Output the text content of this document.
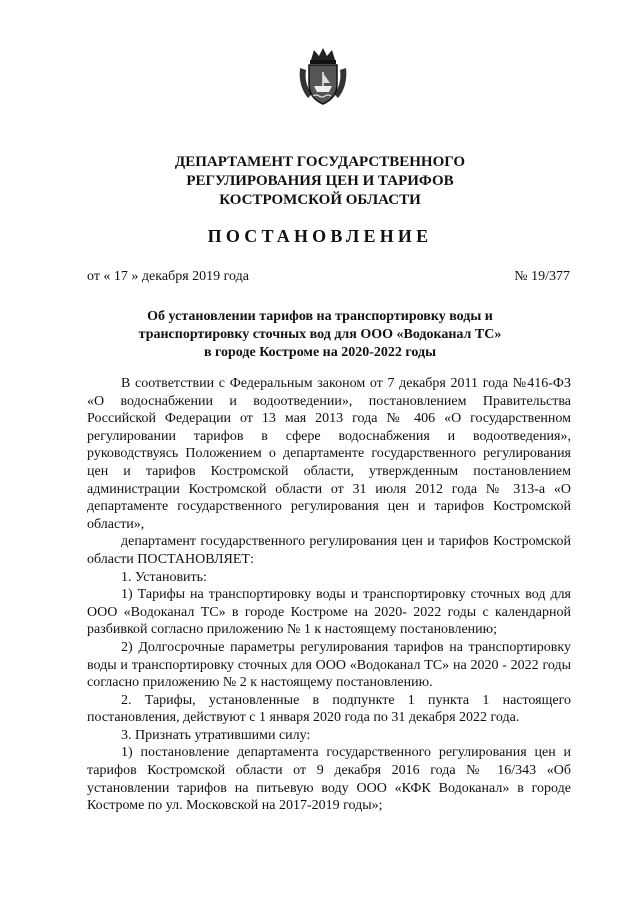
ДЕПАРТАМЕНТ ГОСУДАРСТВЕННОГО
РЕГУЛИРОВАНИЯ ЦЕН И ТАРИФОВ
КОСТРОМСКОЙ ОБЛАСТИ
ПОСТАНОВЛЕНИЕ
от « 17 » декабря 2019 года	№ 19/377
Об установлении тарифов на транспортировку воды и
транспортировку сточных вод для ООО «Водоканал ТС»
в городе Костроме на 2020-2022 годы

В соответствии с Федеральным законом от 7 декабря 2011 года №416-ФЗ «О водоснабжении и водоотведении», постановлением Правительства Российской Федерации от 13 мая 2013 года № 406 «О государственном регулировании тарифов в сфере водоснабжения и водоотведения», руководствуясь Положением о департаменте государственного регулирования цен и тарифов Костромской области, утвержденным постановлением администрации Костромской области от 31 июля 2012 года № 313-а «О департаменте государственного регулирования цен и тарифов Костромской области»,

департамент государственного регулирования цен и тарифов Костромской области ПОСТАНОВЛЯЕТ:

1. Установить:

1) Тарифы на транспортировку воды и транспортировку сточных вод для ООО «Водоканал ТС» в городе Костроме на 2020- 2022 годы с календарной разбивкой согласно приложению № 1 к настоящему постановлению;

2) Долгосрочные параметры регулирования тарифов на транспортировку воды и транспортировку сточных для ООО «Водоканал ТС» на 2020 - 2022 годы согласно приложению № 2 к настоящему постановлению.

2. Тарифы, установленные в подпункте 1 пункта 1 настоящего постановления, действуют с 1 января 2020 года по 31 декабря 2022 года.

3. Признать утратившими силу:

1) постановление департамента государственного регулирования цен и тарифов Костромской области от 9 декабря 2016 года № 16/343 «Об установлении тарифов на питьевую воду ООО «КФК Водоканал» в городе Костроме по ул. Московской на 2017-2019 годы»;
